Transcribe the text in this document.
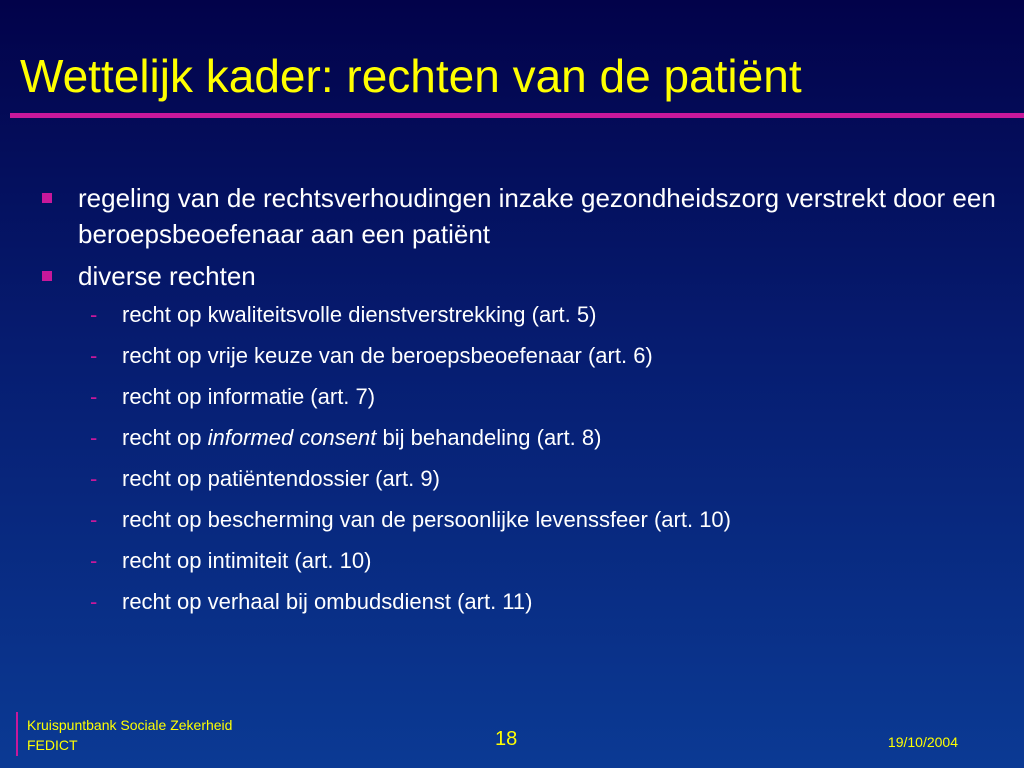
Wettelijk kader: rechten van de patiënt
regeling van de rechtsverhoudingen inzake gezondheidszorg verstrekt door een beroepsbeoefenaar aan een patiënt
diverse rechten
- recht op kwaliteitsvolle dienstverstrekking (art. 5)
- recht op vrije keuze van de beroepsbeoefenaar (art. 6)
- recht op informatie (art. 7)
- recht op informed consent bij behandeling (art. 8)
- recht op patiëntendossier (art. 9)
- recht op bescherming van de persoonlijke levenssfeer (art. 10)
- recht op intimiteit (art. 10)
- recht op verhaal bij ombudsdienst (art. 11)
Kruispuntbank Sociale Zekerheid
FEDICT	18	19/10/2004
